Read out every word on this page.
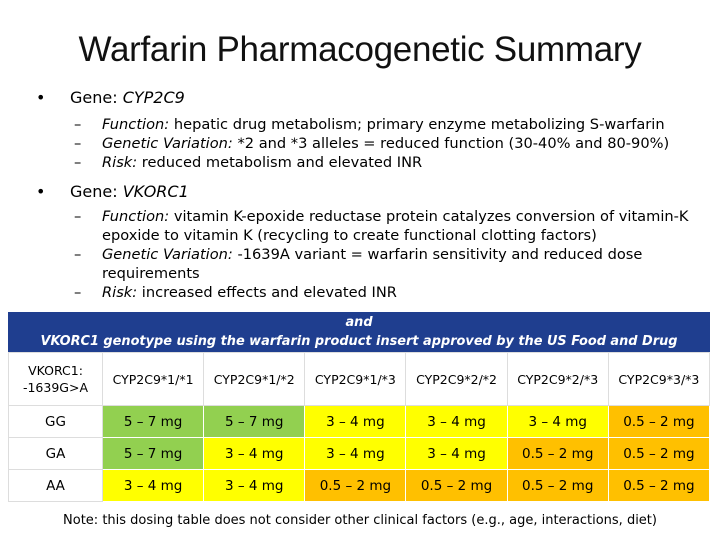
Warfarin Pharmacogenetic Summary
• Gene: CYP2C9
– Function: hepatic drug metabolism; primary enzyme metabolizing S-warfarin
– Genetic Variation: *2 and *3 alleles = reduced function (30-40% and 80-90%)
– Risk: reduced metabolism and elevated INR
• Gene: VKORC1
– Function: vitamin K-epoxide reductase protein catalyzes conversion of vitamin-K
epoxide to vitamin K (recycling to create functional clotting factors)
– Genetic Variation: -1639A variant = warfarin sensitivity and reduced dose
requirements
– Risk: increased effects and elevated INR
Recommended daily warfarin doses (mg/day) to achieve a therapeutic INR based on CYP2C9 and
VKORC1 genotype using the warfarin product insert approved by the US Food and Drug
VKORC1:
-1639G>A	CYP2C9*1/*1	CYP2C9*1/*2	CYP2C9*1/*3	CYP2C9*2/*2	CYP2C9*2/*3	CYP2C9*3/*3
GG	5 – 7 mg	5 – 7 mg	3 – 4 mg	3 – 4 mg	3 – 4 mg	0.5 – 2 mg
GA	5 – 7 mg	3 – 4 mg	3 – 4 mg	3 – 4 mg	0.5 – 2 mg	0.5 – 2 mg
AA	3 – 4 mg	3 – 4 mg	0.5 – 2 mg	0.5 – 2 mg	0.5 – 2 mg	0.5 – 2 mg
Note: this dosing table does not consider other clinical factors (e.g., age, interactions, diet)
